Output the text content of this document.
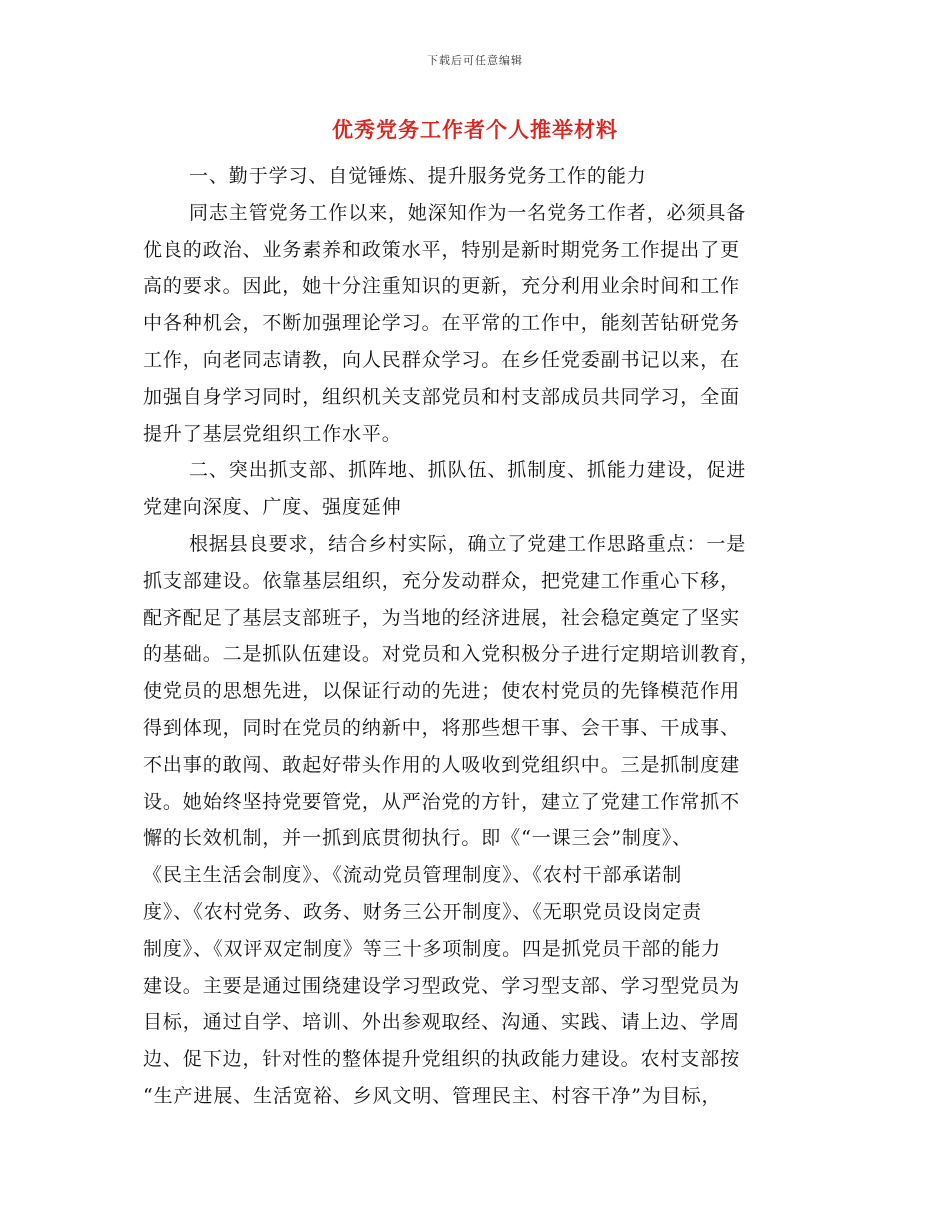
下载后可任意编辑
优秀党务工作者个人推举材料
一、勤于学习、自觉锤炼、提升服务党务工作的能力
同志主管党务工作以来，她深知作为一名党务工作者，必须具备
优良的政治、业务素养和政策水平，特别是新时期党务工作提出了更
高的要求。因此，她十分注重知识的更新，充分利用业余时间和工作
中各种机会，不断加强理论学习。在平常的工作中，能刻苦钻研党务
工作，向老同志请教，向人民群众学习。在乡任党委副书记以来，在
加强自身学习同时，组织机关支部党员和村支部成员共同学习，全面
提升了基层党组织工作水平。
二、突出抓支部、抓阵地、抓队伍、抓制度、抓能力建设，促进
党建向深度、广度、强度延伸
根据县良要求，结合乡村实际，确立了党建工作思路重点：一是
抓支部建设。依靠基层组织，充分发动群众，把党建工作重心下移，
配齐配足了基层支部班子，为当地的经济进展，社会稳定奠定了坚实
的基础。二是抓队伍建设。对党员和入党积极分子进行定期培训教育，
使党员的思想先进，以保证行动的先进；使农村党员的先锋模范作用
得到体现，同时在党员的纳新中，将那些想干事、会干事、干成事、
不出事的敢闯、敢起好带头作用的人吸收到党组织中。三是抓制度建
设。她始终坚持党要管党，从严治党的方针，建立了党建工作常抓不
懈的长效机制，并一抓到底贯彻执行。即《“一课三会”制度》、
《民主生活会制度》、《流动党员管理制度》、《农村干部承诺制
度》、《农村党务、政务、财务三公开制度》、《无职党员设岗定责
制度》、《双评双定制度》等三十多项制度。四是抓党员干部的能力
建设。主要是通过围绕建设学习型政党、学习型支部、学习型党员为
目标，通过自学、培训、外出参观取经、沟通、实践、请上边、学周
边、促下边，针对性的整体提升党组织的执政能力建设。农村支部按
“生产进展、生活宽裕、乡风文明、管理民主、村容干净”为目标，
